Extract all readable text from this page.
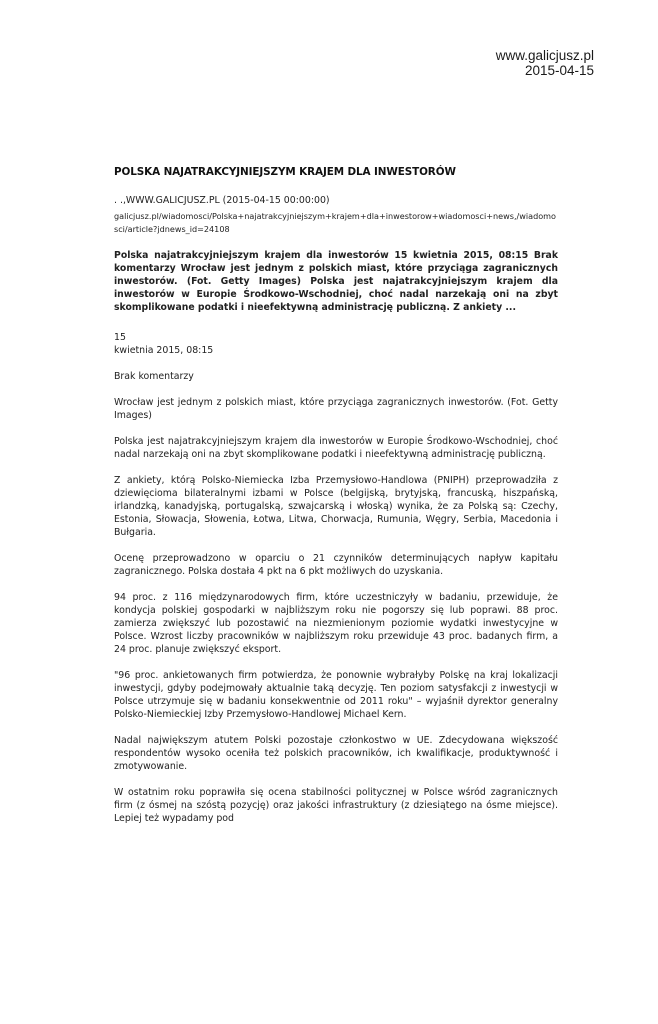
www.galicjusz.pl
2015-04-15
POLSKA NAJATRAKCYJNIEJSZYM KRAJEM DLA INWESTORÓW
. .,WWW.GALICJUSZ.PL (2015-04-15 00:00:00)
galicjusz.pl/wiadomosci/Polska+najatrakcyjniejszym+krajem+dla+inwestorow+wiadomosci+news,/wiadomosci/article?jdnews_id=24108
Polska najatrakcyjniejszym krajem dla inwestorów 15 kwietnia 2015, 08:15 Brak komentarzy Wrocław jest jednym z polskich miast, które przyciąga zagranicznych inwestorów. (Fot. Getty Images) Polska jest najatrakcyjniejszym krajem dla inwestorów w Europie Środkowo-Wschodniej, choć nadal narzekają oni na zbyt skomplikowane podatki i nieefektywną administrację publiczną. Z ankiety ...
15
kwietnia 2015, 08:15
Brak komentarzy
Wrocław jest jednym z polskich miast, które przyciąga zagranicznych inwestorów. (Fot. Getty Images)
Polska jest najatrakcyjniejszym krajem dla inwestorów w Europie Środkowo-Wschodniej, choć nadal narzekają oni na zbyt skomplikowane podatki i nieefektywną administrację publiczną.
Z ankiety, którą Polsko-Niemiecka Izba Przemysłowo-Handlowa (PNIPH) przeprowadziła z dziewięcioma bilateralnymi izbami w Polsce (belgijską, brytyjską, francuską, hiszpańską, irlandzką, kanadyjską, portugalską, szwajcarską i włoską) wynika, że za Polską są: Czechy, Estonia, Słowacja, Słowenia, Łotwa, Litwa, Chorwacja, Rumunia, Węgry, Serbia, Macedonia i Bułgaria.
Ocenę przeprowadzono w oparciu o 21 czynników determinujących napływ kapitału zagranicznego. Polska dostała 4 pkt na 6 pkt możliwych do uzyskania.
94 proc. z 116 międzynarodowych firm, które uczestniczyły w badaniu, przewiduje, że kondycja polskiej gospodarki w najbliższym roku nie pogorszy się lub poprawi. 88 proc. zamierza zwiększyć lub pozostawić na niezmienionym poziomie wydatki inwestycyjne w Polsce. Wzrost liczby pracowników w najbliższym roku przewiduje 43 proc. badanych firm, a 24 proc. planuje zwiększyć eksport.
"96 proc. ankietowanych firm potwierdza, że ponownie wybrałyby Polskę na kraj lokalizacji inwestycji, gdyby podejmowały aktualnie taką decyzję. Ten poziom satysfakcji z inwestycji w Polsce utrzymuje się w badaniu konsekwentnie od 2011 roku" – wyjaśnił dyrektor generalny Polsko-Niemieckiej Izby Przemysłowo-Handlowej Michael Kern.
Nadal największym atutem Polski pozostaje członkostwo w UE. Zdecydowana większość respondentów wysoko oceniła też polskich pracowników, ich kwalifikacje, produktywność i zmotywowanie.
W ostatnim roku poprawiła się ocena stabilności politycznej w Polsce wśród zagranicznych firm (z ósmej na szóstą pozycję) oraz jakości infrastruktury (z dziesiątego na ósme miejsce). Lepiej też wypadamy pod
